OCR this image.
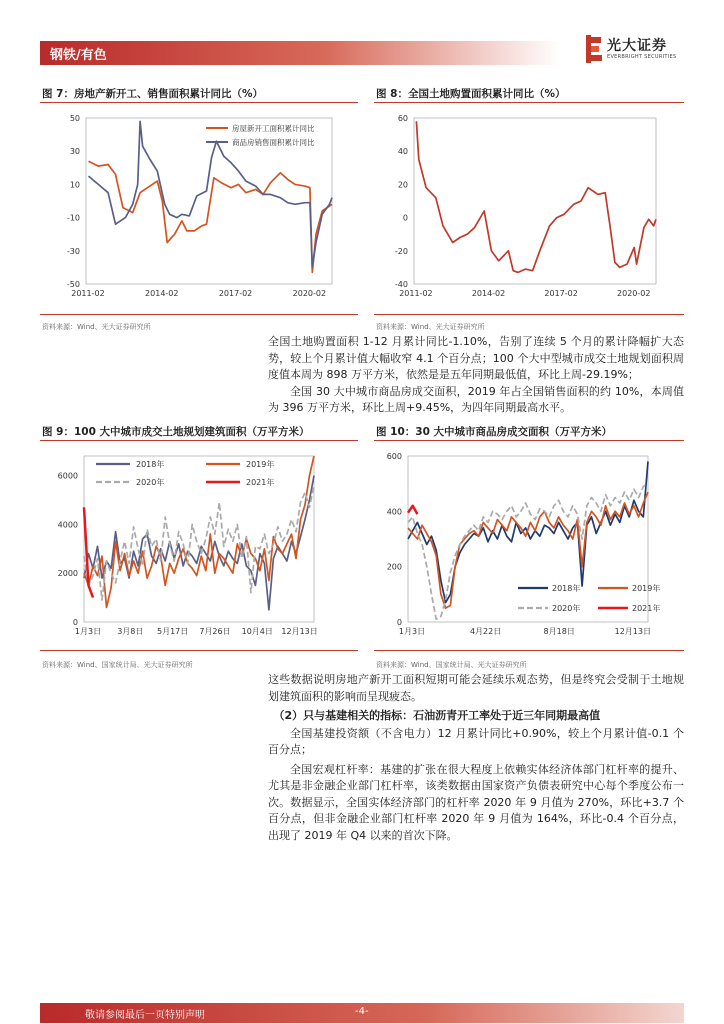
钢铁/有色
光大证券
EVERBRIGHT SECURITIES
图 7：房地产新开工、销售面积累计同比（%）
50
30
10
-10
-30
-50
2011-02	2014-02	2017-02	2020-02
房屋新开工面积累计同比
商品房销售面积累计同比
资料来源：Wind、光大证券研究所
图 8：全国土地购置面积累计同比（%）
60
40
20
0
-20
-40
2011-02	2014-02	2017-02	2020-02
资料来源：Wind、光大证券研究所
全国土地购置面积 1-12 月累计同比-1.10%，告别了连续 5 个月的累计降幅扩大态势，较上个月累计值大幅收窄 4.1 个百分点；100 个大中型城市成交土地规划面积周度值本周为 898 万平方米，依然是是五年同期最低值，环比上周-29.19%；
全国 30 大中城市商品房成交面积，2019 年占全国销售面积的约 10%，本周值为 396 万平方米，环比上周+9.45%，为四年同期最高水平。
图 9：100 大中城市成交土地规划建筑面积（万平方米）
6000
4000
2000
0
1月3日 3月8日 5月17日 7月26日 10月4日 12月13日
2018年	2019年
2020年	2021年
资料来源：Wind、国家统计局、光大证券研究所
图 10：30 大中城市商品房成交面积（万平方米）
600
400
200
0
1月3日	4月22日	8月18日	12月13日
2018年	2019年
2020年	2021年
资料来源：Wind、国家统计局、光大证券研究所
这些数据说明房地产新开工面积短期可能会延续乐观态势，但是终究会受制于土地规划建筑面积的影响而呈现疲态。
（2）只与基建相关的指标：石油沥青开工率处于近三年同期最高值
全国基建投资额（不含电力）12 月累计同比+0.90%，较上个月累计值-0.1 个百分点；
全国宏观杠杆率：基建的扩张在很大程度上依赖实体经济体部门杠杆率的提升、尤其是非金融企业部门杠杆率，该类数据由国家资产负债表研究中心每个季度公布一次。数据显示，全国实体经济部门的杠杆率 2020 年 9 月值为 270%，环比+3.7 个百分点，但非金融企业部门杠杆率 2020 年 9 月值为 164%，环比-0.4 个百分点，出现了 2019 年 Q4 以来的首次下降。
敬请参阅最后一页特别声明	-4-
